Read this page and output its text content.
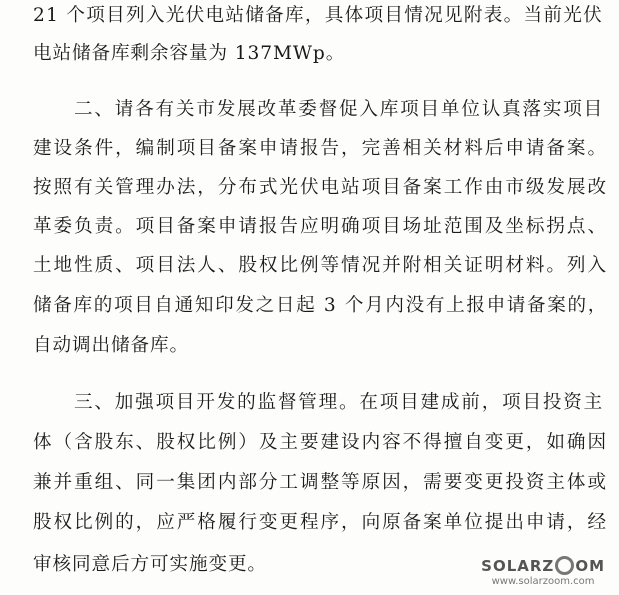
21 个项目列入光伏电站储备库，具体项目情况见附表。当前光伏
电站储备库剩余容量为 137MWp。
二、请各有关市发展改革委督促入库项目单位认真落实项目
建设条件，编制项目备案申请报告，完善相关材料后申请备案。
按照有关管理办法，分布式光伏电站项目备案工作由市级发展改
革委负责。项目备案申请报告应明确项目场址范围及坐标拐点、
土地性质、项目法人、股权比例等情况并附相关证明材料。列入
储备库的项目自通知印发之日起 3 个月内没有上报申请备案的，
自动调出储备库。
三、加强项目开发的监督管理。在项目建成前，项目投资主
体（含股东、股权比例）及主要建设内容不得擅自变更，如确因
兼并重组、同一集团内部分工调整等原因，需要变更投资主体或
股权比例的，应严格履行变更程序，向原备案单位提出申请，经
审核同意后方可实施变更。	SOLARZ OM
www.solarzoom.com
